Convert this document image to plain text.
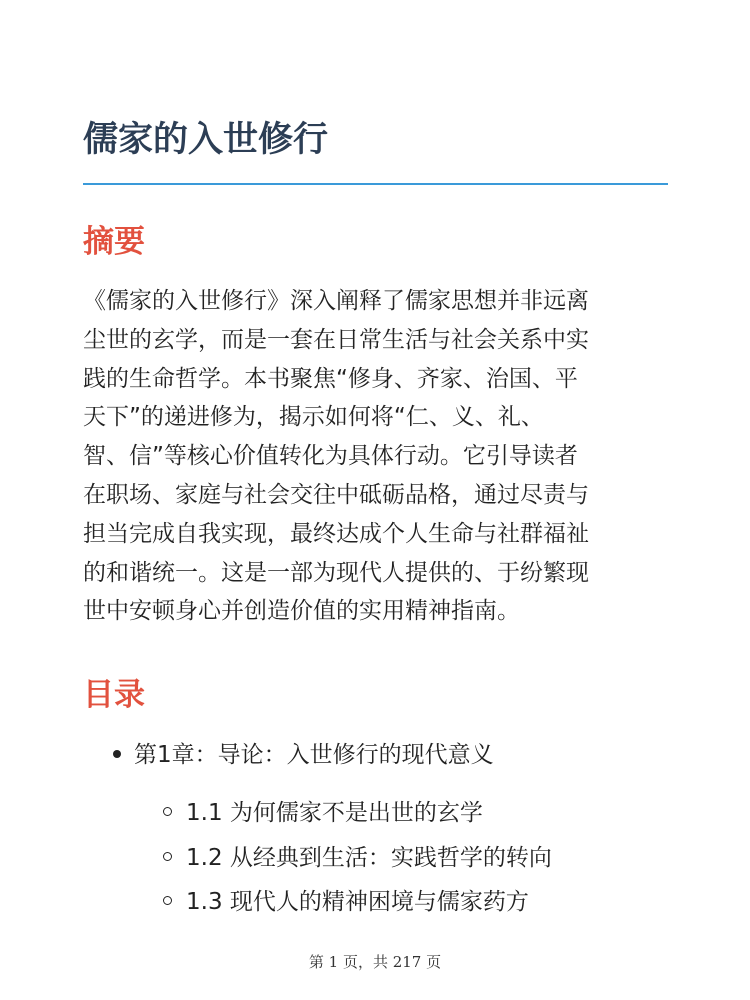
儒家的入世修行
摘要
《儒家的入世修行》深入阐释了儒家思想并非远离
尘世的玄学，而是一套在日常生活与社会关系中实
践的生命哲学。本书聚焦“修身、齐家、治国、平
天下”的递进修为，揭示如何将“仁、义、礼、
智、信”等核心价值转化为具体行动。它引导读者
在职场、家庭与社会交往中砥砺品格，通过尽责与
担当完成自我实现，最终达成个人生命与社群福祉
的和谐统一。这是一部为现代人提供的、于纷繁现
世中安顿身心并创造价值的实用精神指南。
目录
第1章：导论：入世修行的现代意义
1.1 为何儒家不是出世的玄学
1.2 从经典到生活：实践哲学的转向
1.3 现代人的精神困境与儒家药方
第 1 页，共 217 页
